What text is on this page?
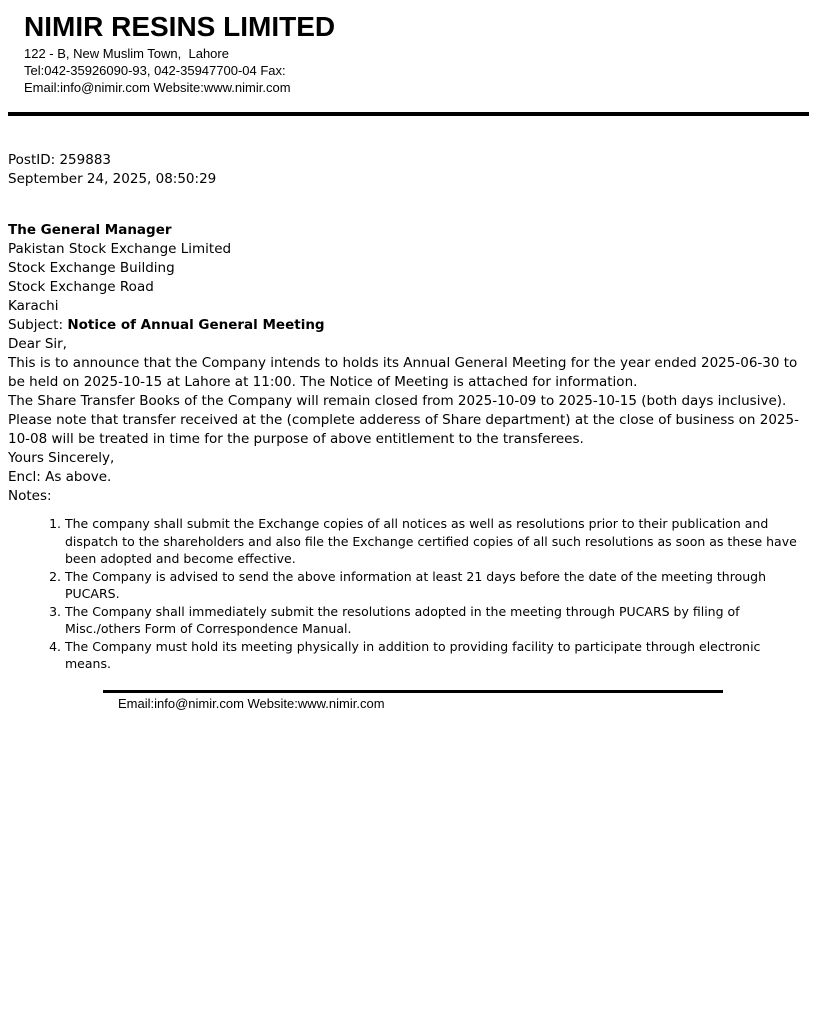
NIMIR RESINS LIMITED
122 - B, New Muslim Town,  Lahore
Tel:042-35926090-93, 042-35947700-04 Fax:
Email:info@nimir.com Website:www.nimir.com
PostID: 259883
September 24, 2025, 08:50:29
The General Manager
Pakistan Stock Exchange Limited
Stock Exchange Building
Stock Exchange Road
Karachi

Subject: Notice of Annual General Meeting

Dear Sir,

This is to announce that the Company intends to holds its Annual General Meeting for the year ended 2025-06-30 to be held on 2025-10-15 at Lahore at 11:00. The Notice of Meeting is attached for information.

The Share Transfer Books of the Company will remain closed from 2025-10-09 to 2025-10-15 (both days inclusive).

Please note that transfer received at the (complete adderess of Share department) at the close of business on 2025-10-08 will be treated in time for the purpose of above entitlement to the transferees.

Yours Sincerely,

Encl: As above.

Notes:

1. The company shall submit the Exchange copies of all notices as well as resolutions prior to their publication and dispatch to the shareholders and also file the Exchange certified copies of all such resolutions as soon as these have been adopted and become effective.
2. The Company is advised to send the above information at least 21 days before the date of the meeting through PUCARS.
3. The Company shall immediately submit the resolutions adopted in the meeting through PUCARS by filing of Misc./others Form of Correspondence Manual.
4. The Company must hold its meeting physically in addition to providing facility to participate through electronic means.
Email:info@nimir.com Website:www.nimir.com
